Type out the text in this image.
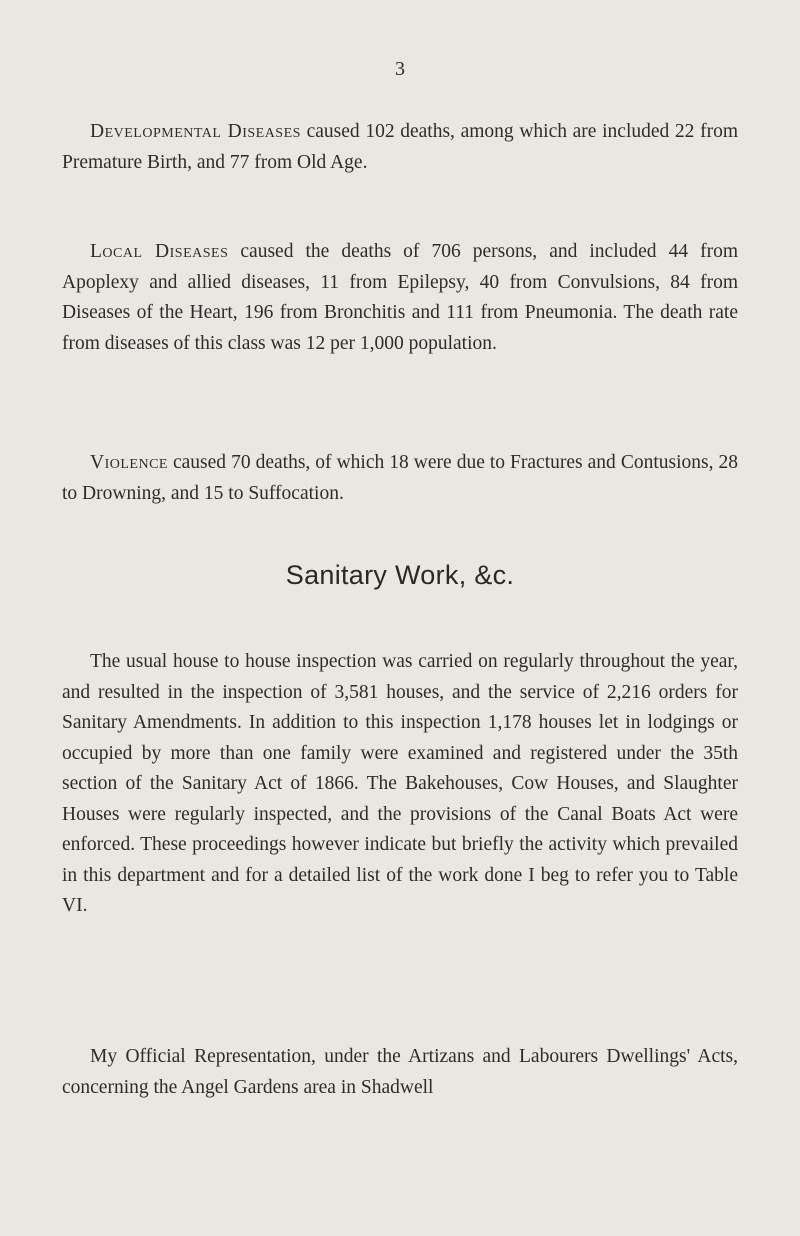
3

Developmental Diseases caused 102 deaths, among which are included 22 from Premature Birth, and 77 from Old Age.

Local Diseases caused the deaths of 706 persons, and included 44 from Apoplexy and allied diseases, 11 from Epilepsy, 40 from Convulsions, 84 from Diseases of the Heart, 196 from Bronchitis and 111 from Pneumonia. The death rate from diseases of this class was 12 per 1,000 population.

Violence caused 70 deaths, of which 18 were due to Fractures and Contusions, 28 to Drowning, and 15 to Suffocation.

Sanitary Work, &c.

The usual house to house inspection was carried on regularly throughout the year, and resulted in the inspection of 3,581 houses, and the service of 2,216 orders for Sanitary Amendments. In addition to this inspection 1,178 houses let in lodgings or occupied by more than one family were examined and registered under the 35th section of the Sanitary Act of 1866. The Bakehouses, Cow Houses, and Slaughter Houses were regularly inspected, and the provisions of the Canal Boats Act were enforced. These proceedings however indicate but briefly the activity which prevailed in this department and for a detailed list of the work done I beg to refer you to Table VI.

My Official Representation, under the Artizans and Labourers Dwellings' Acts, concerning the Angel Gardens area in Shadwell
